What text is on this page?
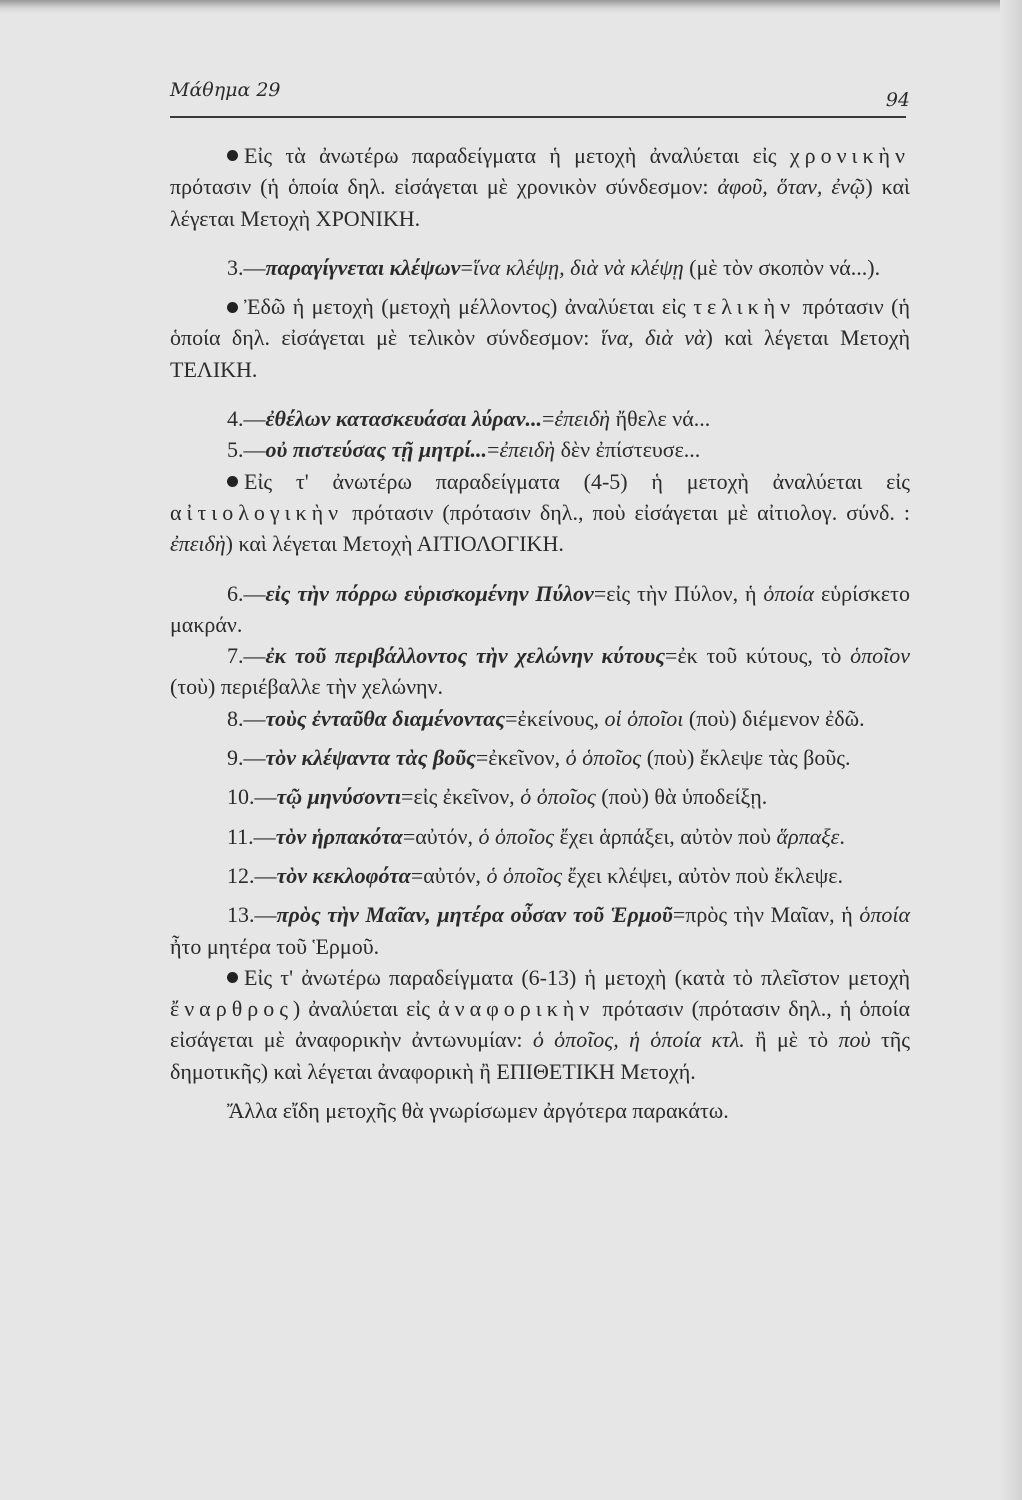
Μάθημα 29	94

Εἰς τὰ ἀνωτέρω παραδείγματα ἡ μετοχὴ ἀναλύεται εἰς χρονικὴν πρότασιν (ἡ ὁποία δηλ. εἰσάγεται μὲ χρονικὸν σύνδεσμον: ἀφοῦ, ὅταν, ἐνῷ) καὶ λέγεται Μετοχὴ ΧΡΟΝΙΚΗ.

3.—παραγίγνεται κλέψων=ἵνα κλέψῃ, διὰ νὰ κλέψῃ (μὲ τὸν σκοπὸν νά...).

Ἐδῶ ἡ μετοχὴ (μετοχὴ μέλλοντος) ἀναλύεται εἰς τελικὴν πρότασιν (ἡ ὁποία δηλ. εἰσάγεται μὲ τελικὸν σύνδεσμον: ἵνα, διὰ νὰ) καὶ λέγεται Μετοχὴ ΤΕΛΙΚΗ.

4.—ἐθέλων κατασκευάσαι λύραν...=ἐπειδὴ ἤθελε νά...

5.—οὐ πιστεύσας τῇ μητρί...=ἐπειδὴ δὲν ἐπίστευσε...

Εἰς τ' ἀνωτέρω παραδείγματα (4-5) ἡ μετοχὴ ἀναλύεται εἰς αἰτιολογικὴν πρότασιν (πρότασιν δηλ., ποὺ εἰσάγεται μὲ αἰτιολογ. σύνδ. : ἐπειδὴ) καὶ λέγεται Μετοχὴ ΑΙΤΙΟΛΟΓΙΚΗ.

6.—εἰς τὴν πόρρω εὑρισκομένην Πύλον=εἰς τὴν Πύλον, ἡ ὁποία εὑρίσκετο μακράν.

7.—ἐκ τοῦ περιβάλλοντος τὴν χελώνην κύτους=ἐκ τοῦ κύτους, τὸ ὁποῖον (τοὺ) περιέβαλλε τὴν χελώνην.

8.—τοὺς ἐνταῦθα διαμένοντας=ἐκείνους, οἱ ὁποῖοι (ποὺ) διέμενον ἐδῶ.

9.—τὸν κλέψαντα τὰς βοῦς=ἐκεῖνον, ὁ ὁποῖος (ποὺ) ἔκλεψε τὰς βοῦς.

10.—τῷ μηνύσοντι=εἰς ἐκεῖνον, ὁ ὁποῖος (ποὺ) θὰ ὑποδείξῃ.

11.—τὸν ἡρπακότα=αὐτόν, ὁ ὁποῖος ἔχει ἁρπάξει, αὐτὸν ποὺ ἅρπαξε.

12.—τὸν κεκλοφότα=αὐτόν, ὁ ὁποῖος ἔχει κλέψει, αὐτὸν ποὺ ἔκλεψε.

13.—πρὸς τὴν Μαῖαν, μητέρα οὖσαν τοῦ Ἑρμοῦ=πρὸς τὴν Μαῖαν, ἡ ὁποία ἦτο μητέρα τοῦ Ἑρμοῦ.

Εἰς τ' ἀνωτέρω παραδείγματα (6-13) ἡ μετοχὴ (κατὰ τὸ πλεῖστον μετοχὴ ἔναρθρος) ἀναλύεται εἰς ἀναφορικὴν πρότασιν (πρότασιν δηλ., ἡ ὁποία εἰσάγεται μὲ ἀναφορικὴν ἀντωνυμίαν: ὁ ὁποῖος, ἡ ὁποία κτλ. ἢ μὲ τὸ ποὺ τῆς δημοτικῆς) καὶ λέγεται ἀναφορικὴ ἢ ΕΠΙΘΕΤΙΚΗ Μετοχή.

Ἄλλα εἴδη μετοχῆς θὰ γνωρίσωμεν ἀργότερα παρακάτω.
